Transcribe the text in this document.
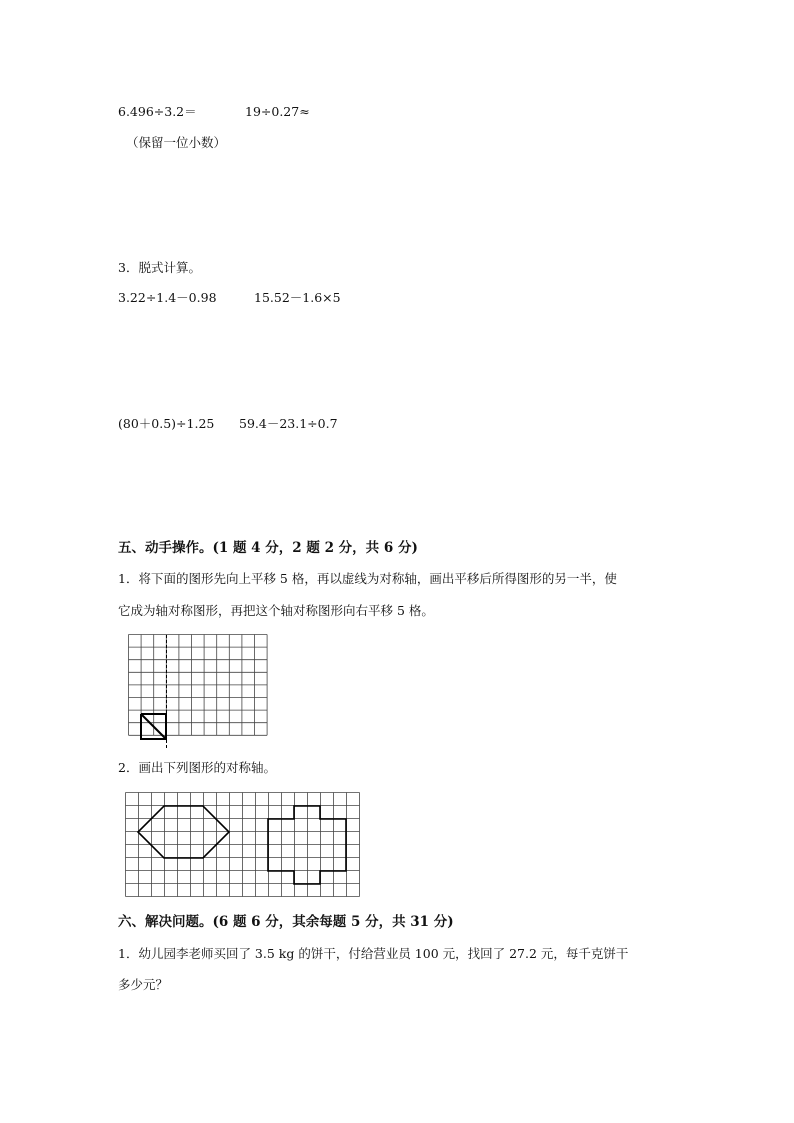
6.496÷3.2＝	19÷0.27≈
（保留一位小数）
3．脱式计算。
3.22÷1.4－0.98	15.52－1.6×5
(80＋0.5)÷1.25 59.4－23.1÷0.7
五、动手操作。(1 题 4 分，2 题 2 分，共 6 分)
1．将下面的图形先向上平移 5 格，再以虚线为对称轴，画出平移后所得图形的另一半，使
它成为轴对称图形，再把这个轴对称图形向右平移 5 格。
2．画出下列图形的对称轴。
六、解决问题。(6 题 6 分，其余每题 5 分，共 31 分)
1．幼儿园李老师买回了 3.5 kg 的饼干，付给营业员 100 元，找回了 27.2 元，每千克饼干
多少元？
